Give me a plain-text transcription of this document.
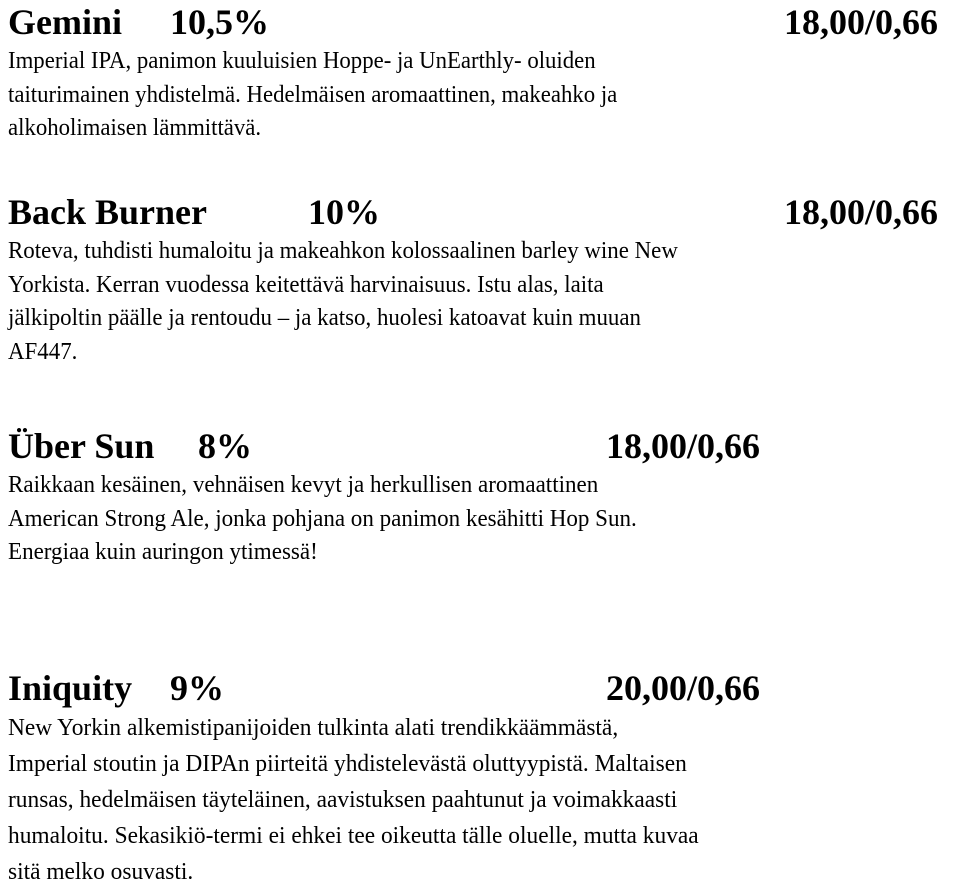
Gemini 10,5%	18,00/0,66
Imperial IPA, panimon kuuluisien Hoppe- ja UnEarthly- oluiden
taiturimainen yhdistelmä. Hedelmäisen aromaattinen, makeahko ja
alkoholimaisen lämmittävä.
Back Burner	10%	18,00/0,66
Roteva, tuhdisti humaloitu ja makeahkon kolossaalinen barley wine New
Yorkista. Kerran vuodessa keitettävä harvinaisuus. Istu alas, laita
jälkipoltin päälle ja rentoudu – ja katso, huolesi katoavat kuin muuan
AF447.
Über Sun 8%	18,00/0,66
Raikkaan kesäinen, vehnäisen kevyt ja herkullisen aromaattinen
American Strong Ale, jonka pohjana on panimon kesähitti Hop Sun.
Energiaa kuin auringon ytimessä!
Iniquity 9%	20,00/0,66
New Yorkin alkemistipanijoiden tulkinta alati trendikkäämmästä,
Imperial stoutin ja DIPAn piirteitä yhdistelevästä oluttyypistä. Maltaisen
runsas, hedelmäisen täyteläinen, aavistuksen paahtunut ja voimakkaasti
humaloitu. Sekasikiö-termi ei ehkei tee oikeutta tälle oluelle, mutta kuvaa
sitä melko osuvasti.
